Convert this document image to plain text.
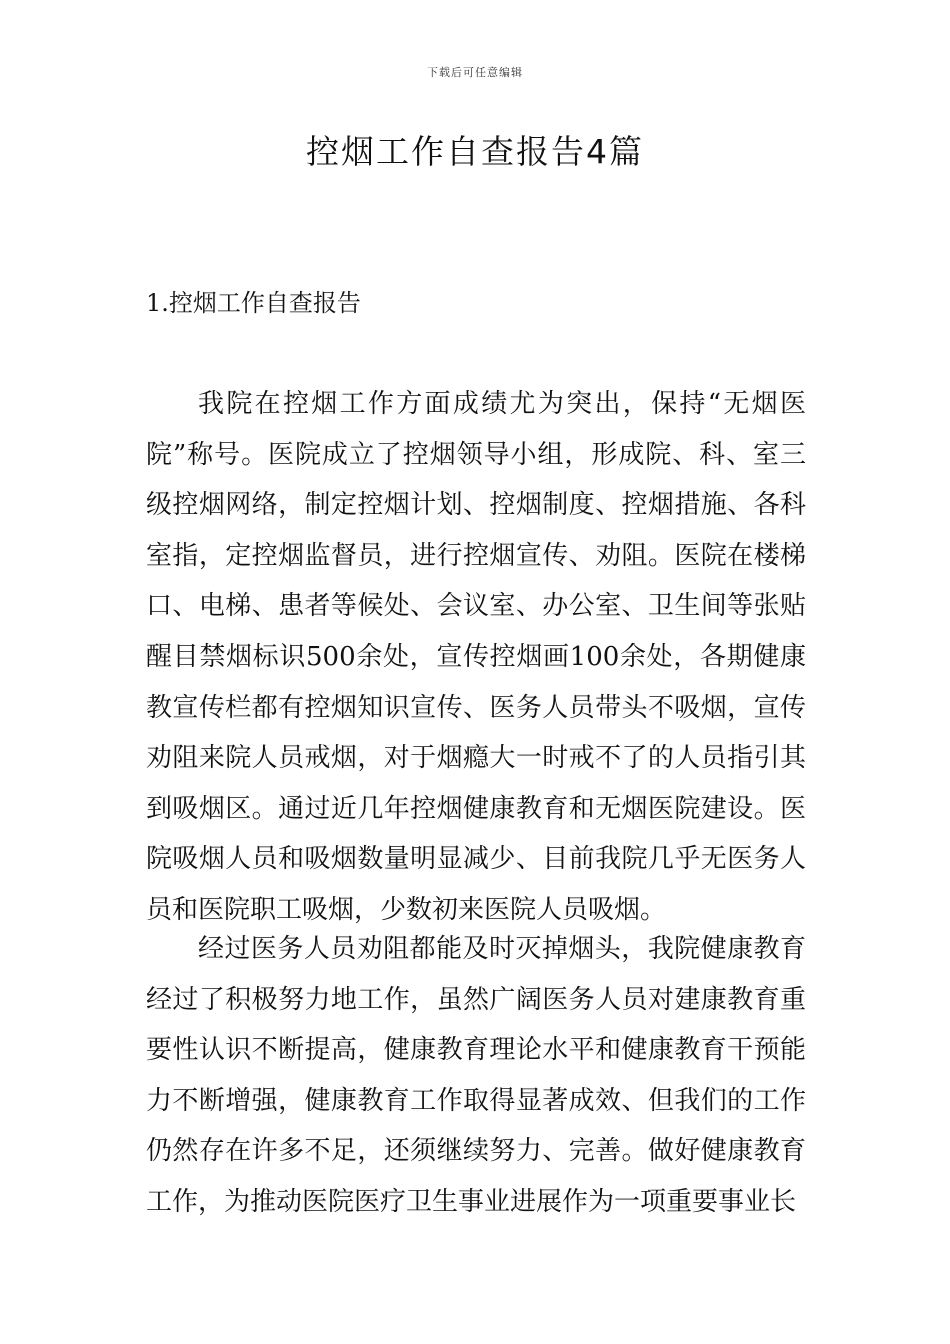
下载后可任意编辑
控烟工作自查报告4篇
1.控烟工作自查报告

我院在控烟工作方面成绩尤为突出，保持“无烟医院”称号。医院成立了控烟领导小组，形成院、科、室三级控烟网络，制定控烟计划、控烟制度、控烟措施、各科室指，定控烟监督员，进行控烟宣传、劝阻。医院在楼梯口、电梯、患者等候处、会议室、办公室、卫生间等张贴醒目禁烟标识500余处，宣传控烟画100余处，各期健康教宣传栏都有控烟知识宣传、医务人员带头不吸烟，宣传劝阻来院人员戒烟，对于烟瘾大一时戒不了的人员指引其到吸烟区。通过近几年控烟健康教育和无烟医院建设。医院吸烟人员和吸烟数量明显减少、目前我院几乎无医务人员和医院职工吸烟，少数初来医院人员吸烟。

经过医务人员劝阻都能及时灭掉烟头，我院健康教育经过了积极努力地工作，虽然广阔医务人员对建康教育重要性认识不断提高，健康教育理论水平和健康教育干预能力不断增强，健康教育工作取得显著成效、但我们的工作仍然存在许多不足，还须继续努力、完善。做好健康教育工作，为推动医院医疗卫生事业进展作为一项重要事业长
